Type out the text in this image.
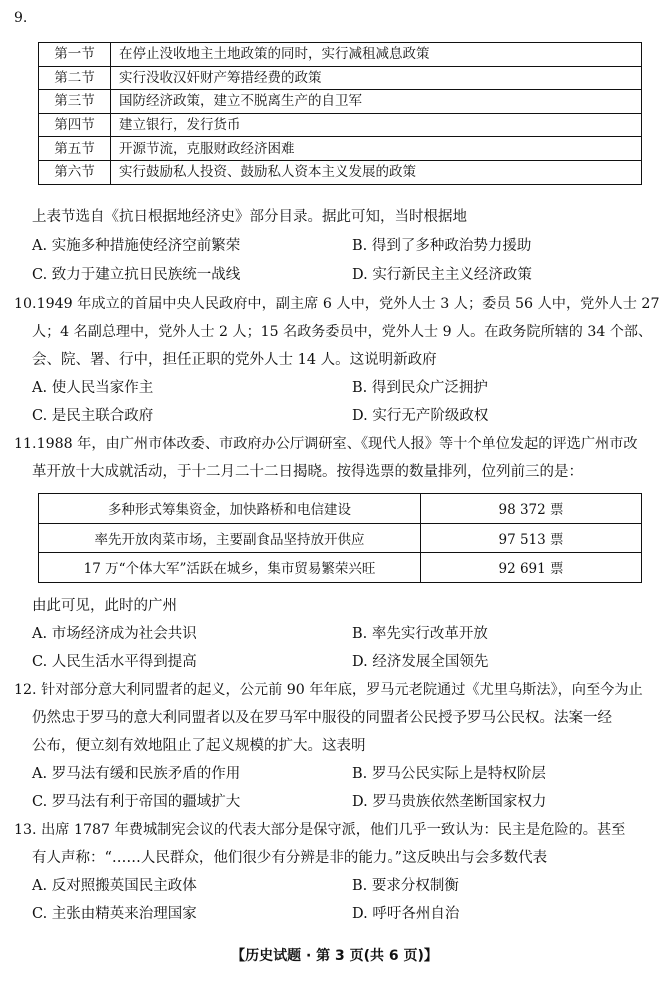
9.
第一节	在停止没收地主土地政策的同时，实行减租减息政策
第二节	实行没收汉奸财产筹措经费的政策
第三节	国防经济政策，建立不脱离生产的自卫军
第四节	建立银行，发行货币
第五节	开源节流，克服财政经济困难
第六节	实行鼓励私人投资、鼓励私人资本主义发展的政策
上表节选自《抗日根据地经济史》部分目录。据此可知，当时根据地
A. 实施多种措施使经济空前繁荣	B. 得到了多种政治势力援助
C. 致力于建立抗日民族统一战线	D. 实行新民主主义经济政策
10.1949 年成立的首届中央人民政府中，副主席 6 人中，党外人士 3 人；委员 56 人中，党外人士 27
人；4 名副总理中，党外人士 2 人；15 名政务委员中，党外人士 9 人。在政务院所辖的 34 个部、
会、院、署、行中，担任正职的党外人士 14 人。这说明新政府
A. 使人民当家作主	B. 得到民众广泛拥护
C. 是民主联合政府	D. 实行无产阶级政权
11.1988 年，由广州市体改委、市政府办公厅调研室、《现代人报》等十个单位发起的评选广州市改
革开放十大成就活动，于十二月二十二日揭晓。按得选票的数量排列，位列前三的是：
多种形式筹集资金，加快路桥和电信建设	98 372 票
率先开放肉菜市场，主要副食品坚持放开供应	97 513 票
17 万“个体大军”活跃在城乡，集市贸易繁荣兴旺	92 691 票
由此可见，此时的广州
A. 市场经济成为社会共识	B. 率先实行改革开放
C. 人民生活水平得到提高	D. 经济发展全国领先
12. 针对部分意大利同盟者的起义，公元前 90 年年底，罗马元老院通过《尤里乌斯法》，向至今为止
仍然忠于罗马的意大利同盟者以及在罗马军中服役的同盟者公民授予罗马公民权。法案一经
公布，便立刻有效地阻止了起义规模的扩大。这表明
A. 罗马法有缓和民族矛盾的作用	B. 罗马公民实际上是特权阶层
C. 罗马法有利于帝国的疆域扩大	D. 罗马贵族依然垄断国家权力
13. 出席 1787 年费城制宪会议的代表大部分是保守派，他们几乎一致认为：民主是危险的。甚至
有人声称：“……人民群众，他们很少有分辨是非的能力。”这反映出与会多数代表
A. 反对照搬英国民主政体	B. 要求分权制衡
C. 主张由精英来治理国家	D. 呼吁各州自治
【历史试题 · 第 3 页(共 6 页)】
